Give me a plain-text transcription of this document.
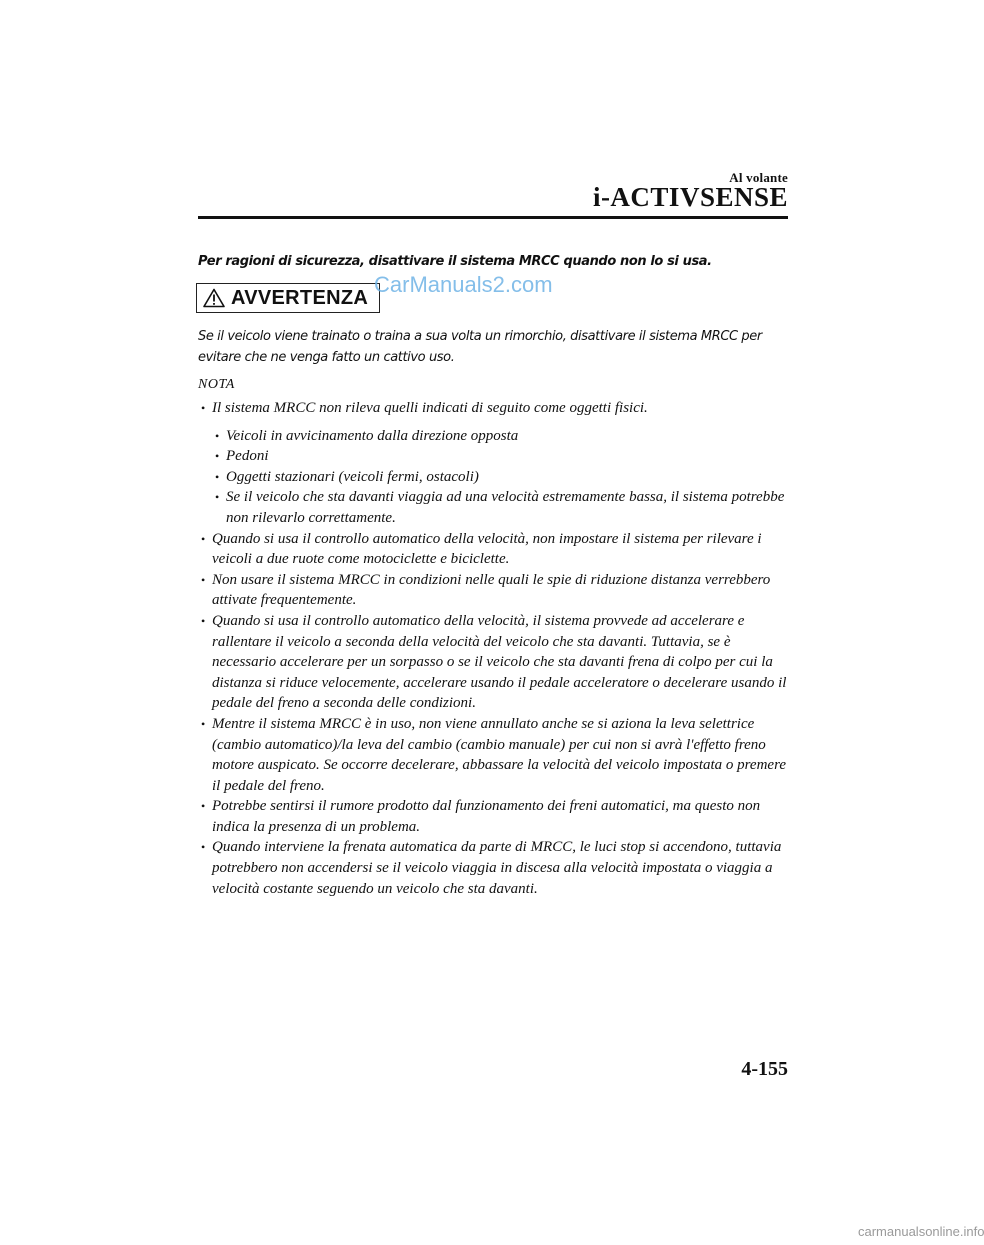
Al volante
i-ACTIVSENSE
Per ragioni di sicurezza, disattivare il sistema MRCC quando non lo si usa.
AVVERTENZA
CarManuals2.com
Se il veicolo viene trainato o traina a sua volta un rimorchio, disattivare il sistema MRCC per evitare che ne venga fatto un cattivo uso.
NOTA
• Il sistema MRCC non rileva quelli indicati di seguito come oggetti fisici.
• Veicoli in avvicinamento dalla direzione opposta
• Pedoni
• Oggetti stazionari (veicoli fermi, ostacoli)
• Se il veicolo che sta davanti viaggia ad una velocità estremamente bassa, il sistema potrebbe non rilevarlo correttamente.
• Quando si usa il controllo automatico della velocità, non impostare il sistema per rilevare i veicoli a due ruote come motociclette e biciclette.
• Non usare il sistema MRCC in condizioni nelle quali le spie di riduzione distanza verrebbero attivate frequentemente.
• Quando si usa il controllo automatico della velocità, il sistema provvede ad accelerare e rallentare il veicolo a seconda della velocità del veicolo che sta davanti. Tuttavia, se è necessario accelerare per un sorpasso o se il veicolo che sta davanti frena di colpo per cui la distanza si riduce velocemente, accelerare usando il pedale acceleratore o decelerare usando il pedale del freno a seconda delle condizioni.
• Mentre il sistema MRCC è in uso, non viene annullato anche se si aziona la leva selettrice (cambio automatico)/la leva del cambio (cambio manuale) per cui non si avrà l'effetto freno motore auspicato. Se occorre decelerare, abbassare la velocità del veicolo impostata o premere il pedale del freno.
• Potrebbe sentirsi il rumore prodotto dal funzionamento dei freni automatici, ma questo non indica la presenza di un problema.
• Quando interviene la frenata automatica da parte di MRCC, le luci stop si accendono, tuttavia potrebbero non accendersi se il veicolo viaggia in discesa alla velocità impostata o viaggia a velocità costante seguendo un veicolo che sta davanti.
4-155
carmanualsonline.info
